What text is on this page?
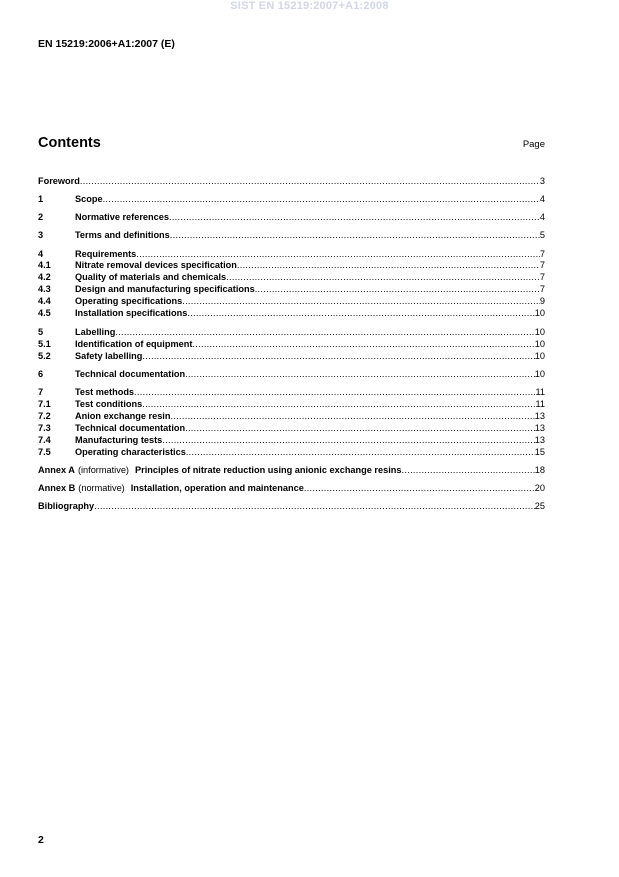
SIST EN 15219:2007+A1:2008
EN 15219:2006+A1:2007 (E)
Contents	Page
Foreword .....	3
1	Scope .....	4
2	Normative references .....	4
3	Terms and definitions .....	5
4	Requirements .....	7
4.1	Nitrate removal devices specification .....	7
4.2	Quality of materials and chemicals .....	7
4.3	Design and manufacturing specifications .....	7
4.4	Operating specifications .....	9
4.5	Installation specifications .....	10
5	Labelling .....	10
5.1	Identification of equipment .....	10
5.2	Safety labelling .....	10
6	Technical documentation .....	10
7	Test methods .....	11
7.1	Test conditions .....	11
7.2	Anion exchange resin .....	13
7.3	Technical documentation .....	13
7.4	Manufacturing tests .....	13
7.5	Operating characteristics .....	15
Annex A (informative) Principles of nitrate reduction using anionic exchange resins .....	18
Annex B (normative) Installation, operation and maintenance .....	20
Bibliography .....	25
2
